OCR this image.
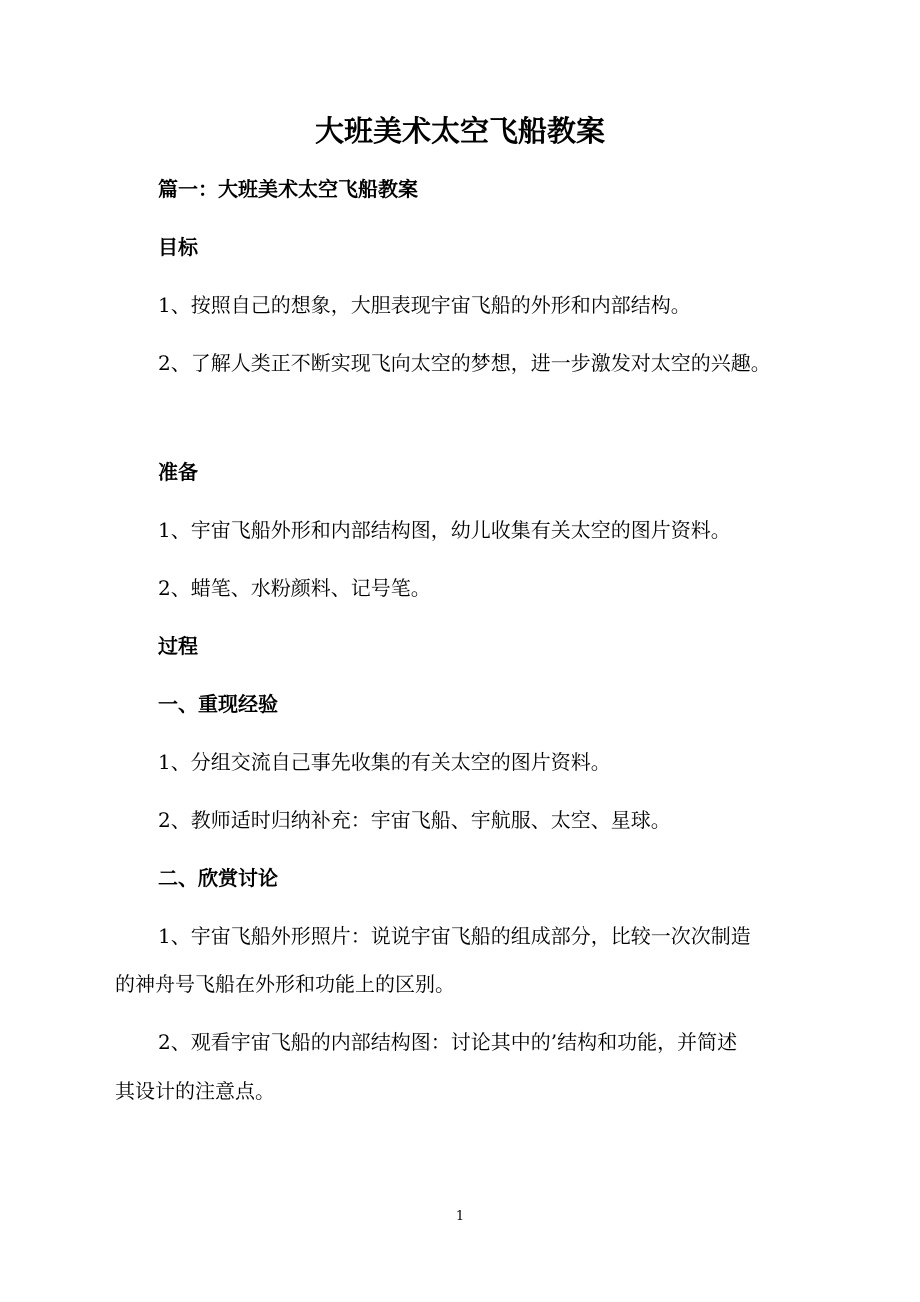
大班美术太空飞船教案

篇一：大班美术太空飞船教案

目标

1、按照自己的想象，大胆表现宇宙飞船的外形和内部结构。

2、了解人类正不断实现飞向太空的梦想，进一步激发对太空的兴趣。

准备

1、宇宙飞船外形和内部结构图，幼儿收集有关太空的图片资料。

2、蜡笔、水粉颜料、记号笔。

过程

一、重现经验

1、分组交流自己事先收集的有关太空的图片资料。

2、教师适时归纳补充：宇宙飞船、宇航服、太空、星球。

二、欣赏讨论

1、宇宙飞船外形照片：说说宇宙飞船的组成部分，比较一次次制造

的神舟号飞船在外形和功能上的区别。

2、观看宇宙飞船的内部结构图：讨论其中的’结构和功能，并简述

其设计的注意点。

1
